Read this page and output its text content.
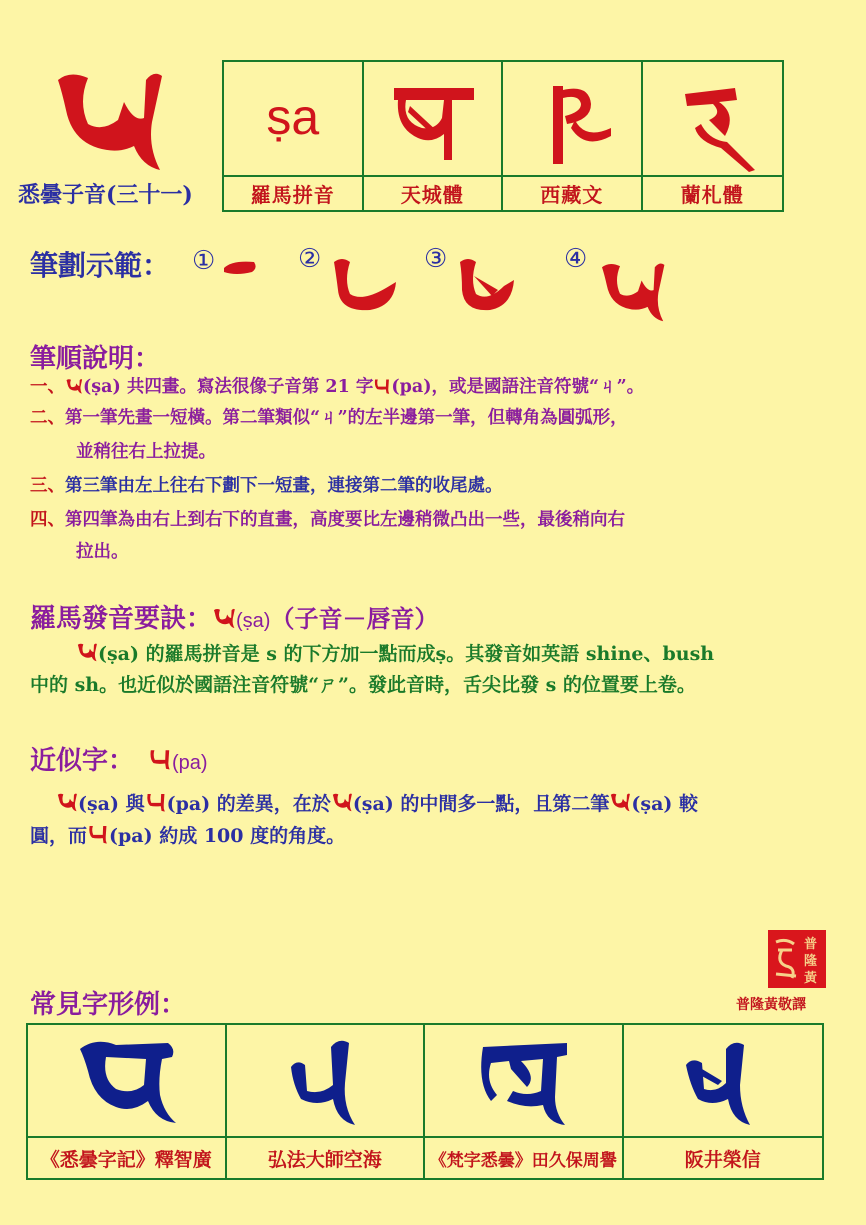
悉曇子音(三十一)
ṣa
羅馬拼音	天城體	西藏文	蘭札體
筆劃示範： ①	②	③	④
筆順說明：
一、 (ṣa) 共四畫。寫法很像子音第 21 字 (pa)，或是國語注音符號“ㄐ”。
二、第一筆先畫一短橫。第二筆類似“ㄐ”的左半邊第一筆，但轉角為圓弧形，
並稍往右上拉提。
三、第三筆由左上往右下劃下一短畫，連接第二筆的收尾處。
四、第四筆為由右上到右下的直畫，高度要比左邊稍微凸出一些，最後稍向右
拉出。
羅馬發音要訣： (ṣa)（子音－唇音）
(ṣa) 的羅馬拼音是 s 的下方加一點而成ṣ。其發音如英語 shine、bush
中的 sh。也近似於國語注音符號“ㄕ”。發此音時，舌尖比發 s 的位置要上卷。
近似字： (pa)
(ṣa) 與 (pa) 的差異，在於 (ṣa) 的中間多一點，且第二筆 (ṣa) 較
圓，而 (pa) 約成 100 度的角度。
普
隆
黃
普隆黃敬譯
常見字形例：
《悉曇字記》釋智廣	弘法大師空海	《梵字悉曇》田久保周譽	阪井榮信
